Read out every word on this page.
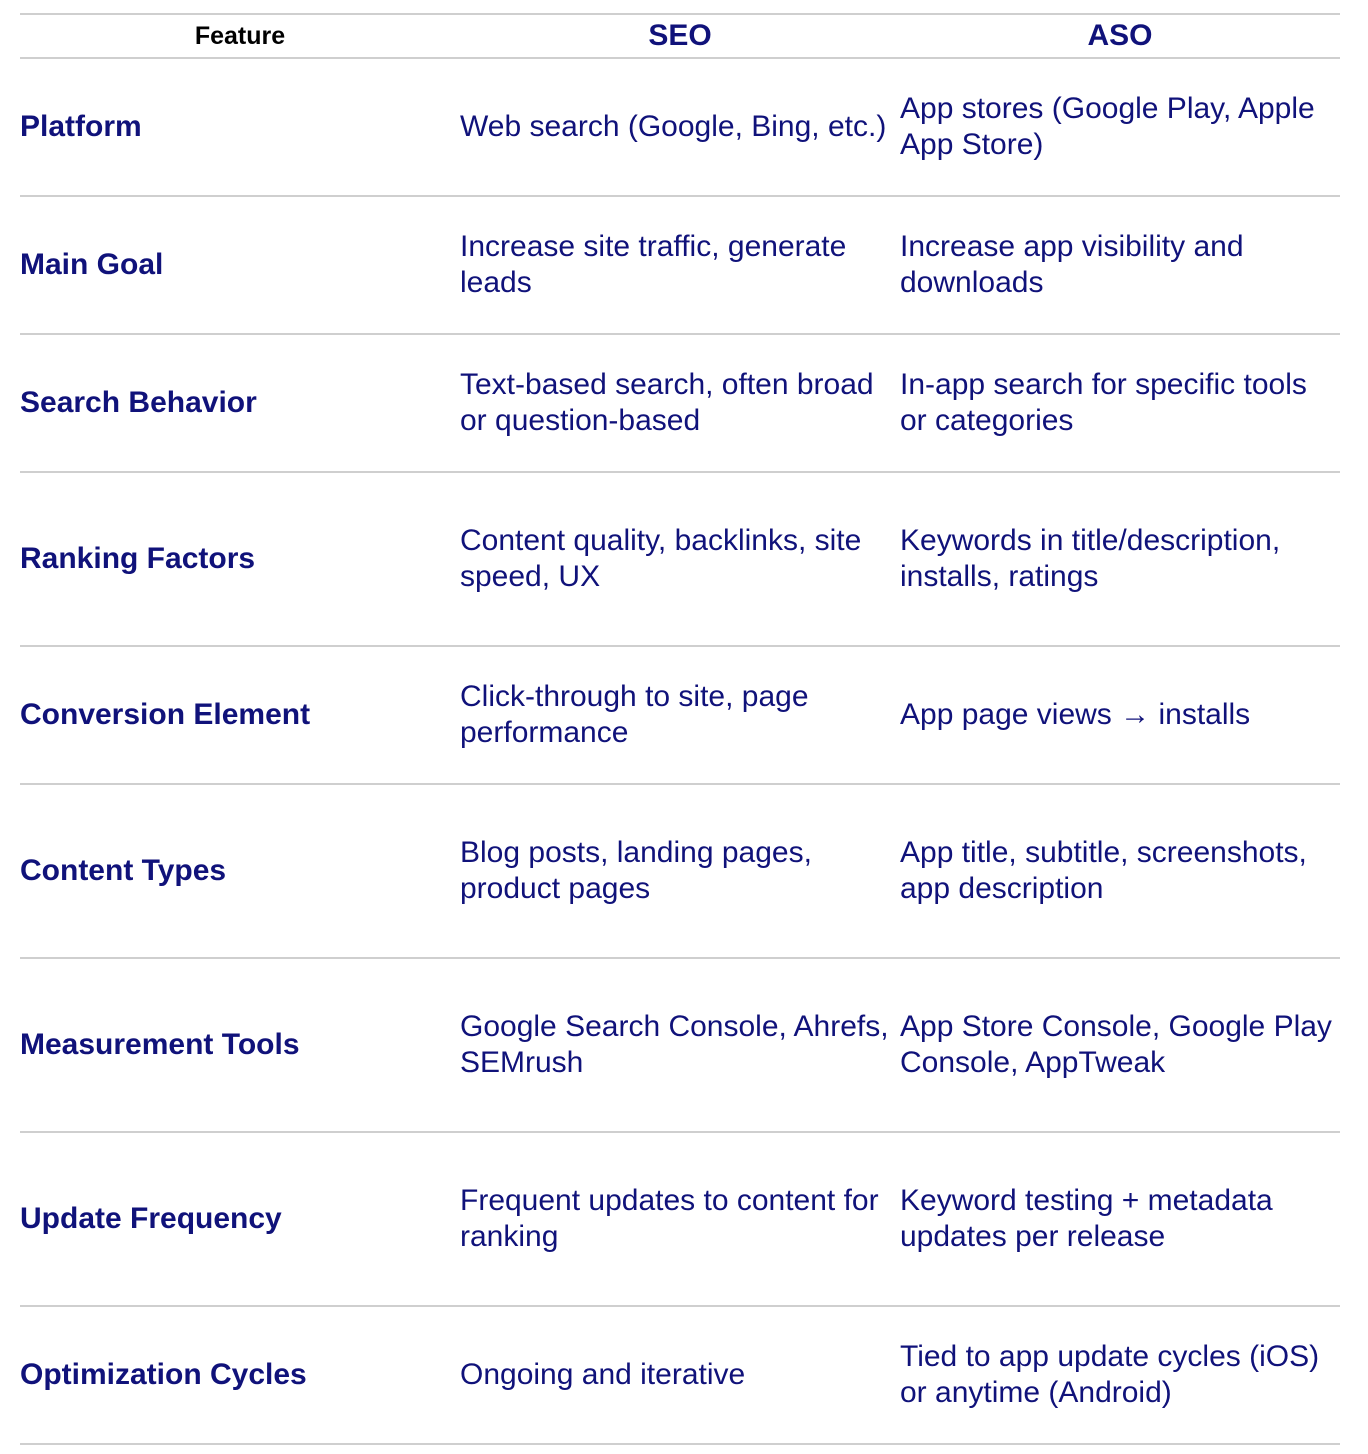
Feature	SEO	ASO
Platform	Web search (Google, Bing, etc.)	App stores (Google Play, Apple App Store)
Main Goal	Increase site traffic, generate leads	Increase app visibility and downloads
Search Behavior	Text-based search, often broad or question-based	In-app search for specific tools or categories
Ranking Factors	Content quality, backlinks, site speed, UX	Keywords in title/description, installs, ratings
Conversion Element	Click-through to site, page performance	App page views → installs
Content Types	Blog posts, landing pages, product pages	App title, subtitle, screenshots, app description
Measurement Tools	Google Search Console, Ahrefs, SEMrush	App Store Console, Google Play Console, AppTweak
Update Frequency	Frequent updates to content for ranking	Keyword testing + metadata updates per release
Optimization Cycles	Ongoing and iterative	Tied to app update cycles (iOS) or anytime (Android)
